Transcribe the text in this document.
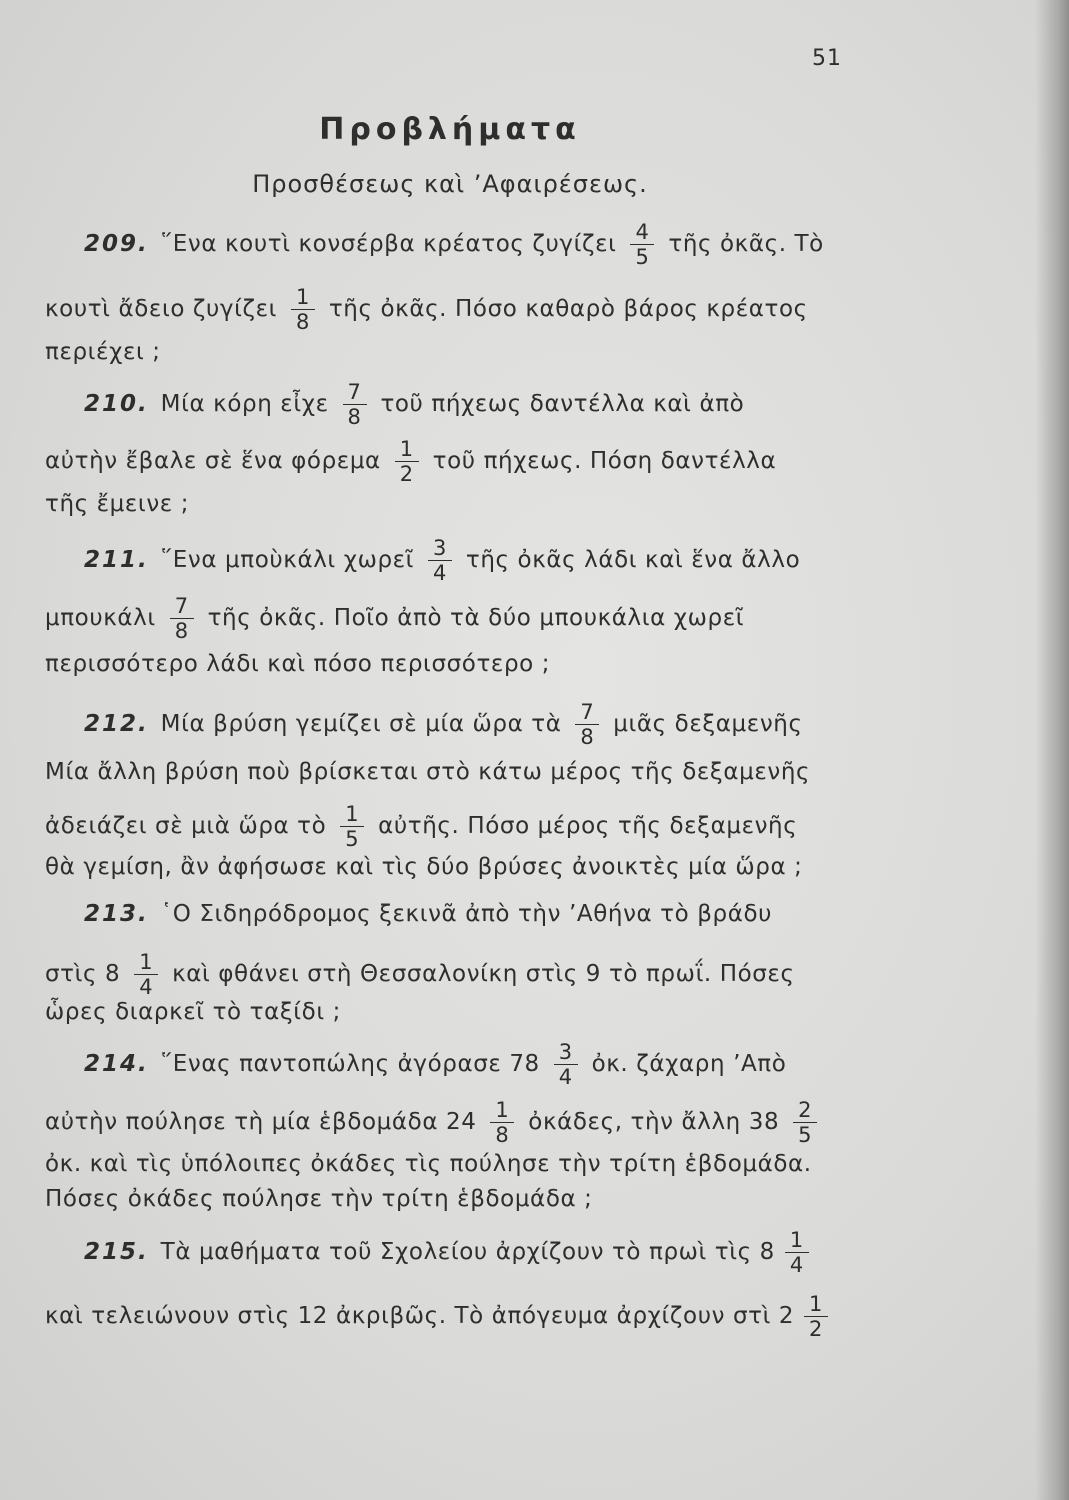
51
Προβλήματα
Προσθέσεως καὶ ’Αφαιρέσεως.
209. ῞Ενα κουτὶ κονσέρβα κρέατος ζυγίζει $\frac{4}{5}$ τῆς ὀκᾶς. Τὸ
κουτὶ ἄδειο ζυγίζει $\frac{1}{8}$ τῆς ὀκᾶς. Πόσο καθαρὸ βάρος κρέατος
περιέχει ;
210. Μία κόρη εἶχε $\frac{7}{8}$ τοῦ πήχεως δαντέλλα καὶ ἀπὸ
αὐτὴν ἔβαλε σὲ ἕνα φόρεμα $\frac{1}{2}$ τοῦ πήχεως. Πόση δαντέλλα
τῆς ἔμεινε ;
211. ῞Ενα μποὺκάλι χωρεῖ $\frac{3}{4}$ τῆς ὀκᾶς λάδι καὶ ἕνα ἄλλο
μπουκάλι $\frac{7}{8}$ τῆς ὀκᾶς. Ποῖο ἀπὸ τὰ δύο μπουκάλια χωρεῖ
περισσότερο λάδι καὶ πόσο περισσότερο ;
212. Μία βρύση γεμίζει σὲ μία ὥρα τὰ $\frac{7}{8}$ μιᾶς δεξαμενῆς
Μία ἄλλη βρύση ποὺ βρίσκεται στὸ κάτω μέρος τῆς δεξαμενῆς
ἀδειάζει σὲ μιὰ ὥρα τὸ $\frac{1}{5}$ αὐτῆς. Πόσο μέρος τῆς δεξαμενῆς
θὰ γεμίση, ἂν ἀφήσωσε καὶ τὶς δύο βρύσες ἀνοικτὲς μία ὥρα ;
213. ῾Ο Σιδηρόδρομος ξεκινᾶ ἀπὸ τὴν ’Αθήνα τὸ βράδυ
στὶς $8 \frac{1}{4}$ καὶ φθάνει στὴ Θεσσαλονίκη στὶς 9 τὸ πρωΐ. Πόσες
ὧρες διαρκεῖ τὸ ταξίδι ;
214. ῞Ενας παντοπώλης ἀγόρασε $78 \frac{3}{4}$ ὀκ. ζάχαρη ’Απὸ
αὐτὴν πούλησε τὴ μία ἑβδομάδα $24 \frac{1}{8}$ ὀκάδες, τὴν ἄλλη $38 \frac{2}{5}$
ὀκ. καὶ τὶς ὑπόλοιπες ὀκάδες τὶς πούλησε τὴν τρίτη ἑβδομάδα.
Πόσες ὀκάδες πούλησε τὴν τρίτη ἑβδομάδα ;
215. Τὰ μαθήματα τοῦ Σχολείου ἀρχίζουν τὸ πρωὶ τὶς $8 \frac{1}{4}$
καὶ τελειώνουν στὶς 12 ἀκριβῶς. Τὸ ἀπόγευμα ἀρχίζουν στὶ $2 \frac{1}{2}$
